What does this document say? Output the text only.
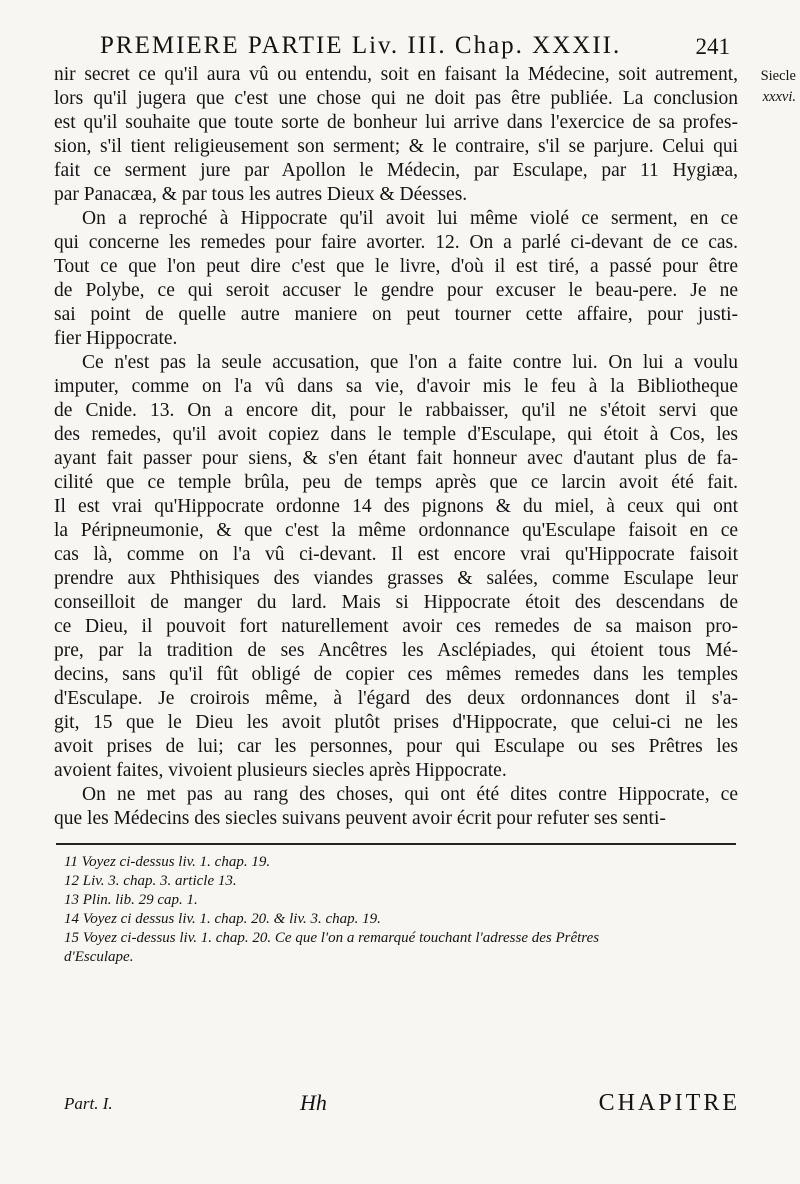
PREMIERE PARTIE Liv. III. Chap. XXXII.	241
Siecle
xxxvi.
nir secret ce qu'il aura vû ou entendu, soit en faisant la Médecine, soit autrement,
lors qu'il jugera que c'est une chose qui ne doit pas être publiée. La conclusion
est qu'il souhaite que toute sorte de bonheur lui arrive dans l'exercice de sa profes-
sion, s'il tient religieusement son serment; & le contraire, s'il se parjure. Celui qui
fait ce serment jure par Apollon le Médecin, par Esculape, par 11 Hygiæa,
par Panacæa, & par tous les autres Dieux & Déesses.
On a reproché à Hippocrate qu'il avoit lui même violé ce serment, en ce
qui concerne les remedes pour faire avorter. 12. On a parlé ci-devant de ce cas.
Tout ce que l'on peut dire c'est que le livre, d'où il est tiré, a passé pour être
de Polybe, ce qui seroit accuser le gendre pour excuser le beau-pere. Je ne
sai point de quelle autre maniere on peut tourner cette affaire, pour justi-
fier Hippocrate.
Ce n'est pas la seule accusation, que l'on a faite contre lui. On lui a voulu
imputer, comme on l'a vû dans sa vie, d'avoir mis le feu à la Bibliotheque
de Cnide. 13. On a encore dit, pour le rabbaisser, qu'il ne s'étoit servi que
des remedes, qu'il avoit copiez dans le temple d'Esculape, qui étoit à Cos, les
ayant fait passer pour siens, & s'en étant fait honneur avec d'autant plus de fa-
cilité que ce temple brûla, peu de temps après que ce larcin avoit été fait.
Il est vrai qu'Hippocrate ordonne 14 des pignons & du miel, à ceux qui ont
la Péripneumonie, & que c'est la même ordonnance qu'Esculape faisoit en ce
cas là, comme on l'a vû ci-devant. Il est encore vrai qu'Hippocrate faisoit
prendre aux Phthisiques des viandes grasses & salées, comme Esculape leur
conseilloit de manger du lard. Mais si Hippocrate étoit des descendans de
ce Dieu, il pouvoit fort naturellement avoir ces remedes de sa maison pro-
pre, par la tradition de ses Ancêtres les Asclépiades, qui étoient tous Mé-
decins, sans qu'il fût obligé de copier ces mêmes remedes dans les temples
d'Esculape. Je croirois même, à l'égard des deux ordonnances dont il s'a-
git, 15 que le Dieu les avoit plutôt prises d'Hippocrate, que celui-ci ne les
avoit prises de lui; car les personnes, pour qui Esculape ou ses Prêtres les
avoient faites, vivoient plusieurs siecles après Hippocrate.
On ne met pas au rang des choses, qui ont été dites contre Hippocrate, ce
que les Médecins des siecles suivans peuvent avoir écrit pour refuter ses senti-
11 Voyez ci-dessus liv. 1. chap. 19.
12 Liv. 3. chap. 3. article 13.
13 Plin. lib. 29 cap. 1.
14 Voyez ci dessus liv. 1. chap. 20. & liv. 3. chap. 19.
15 Voyez ci-dessus liv. 1. chap. 20. Ce que l'on a remarqué touchant l'adresse des Prêtres
d'Esculape.
Part. I.	Hh	CHAPITRE
